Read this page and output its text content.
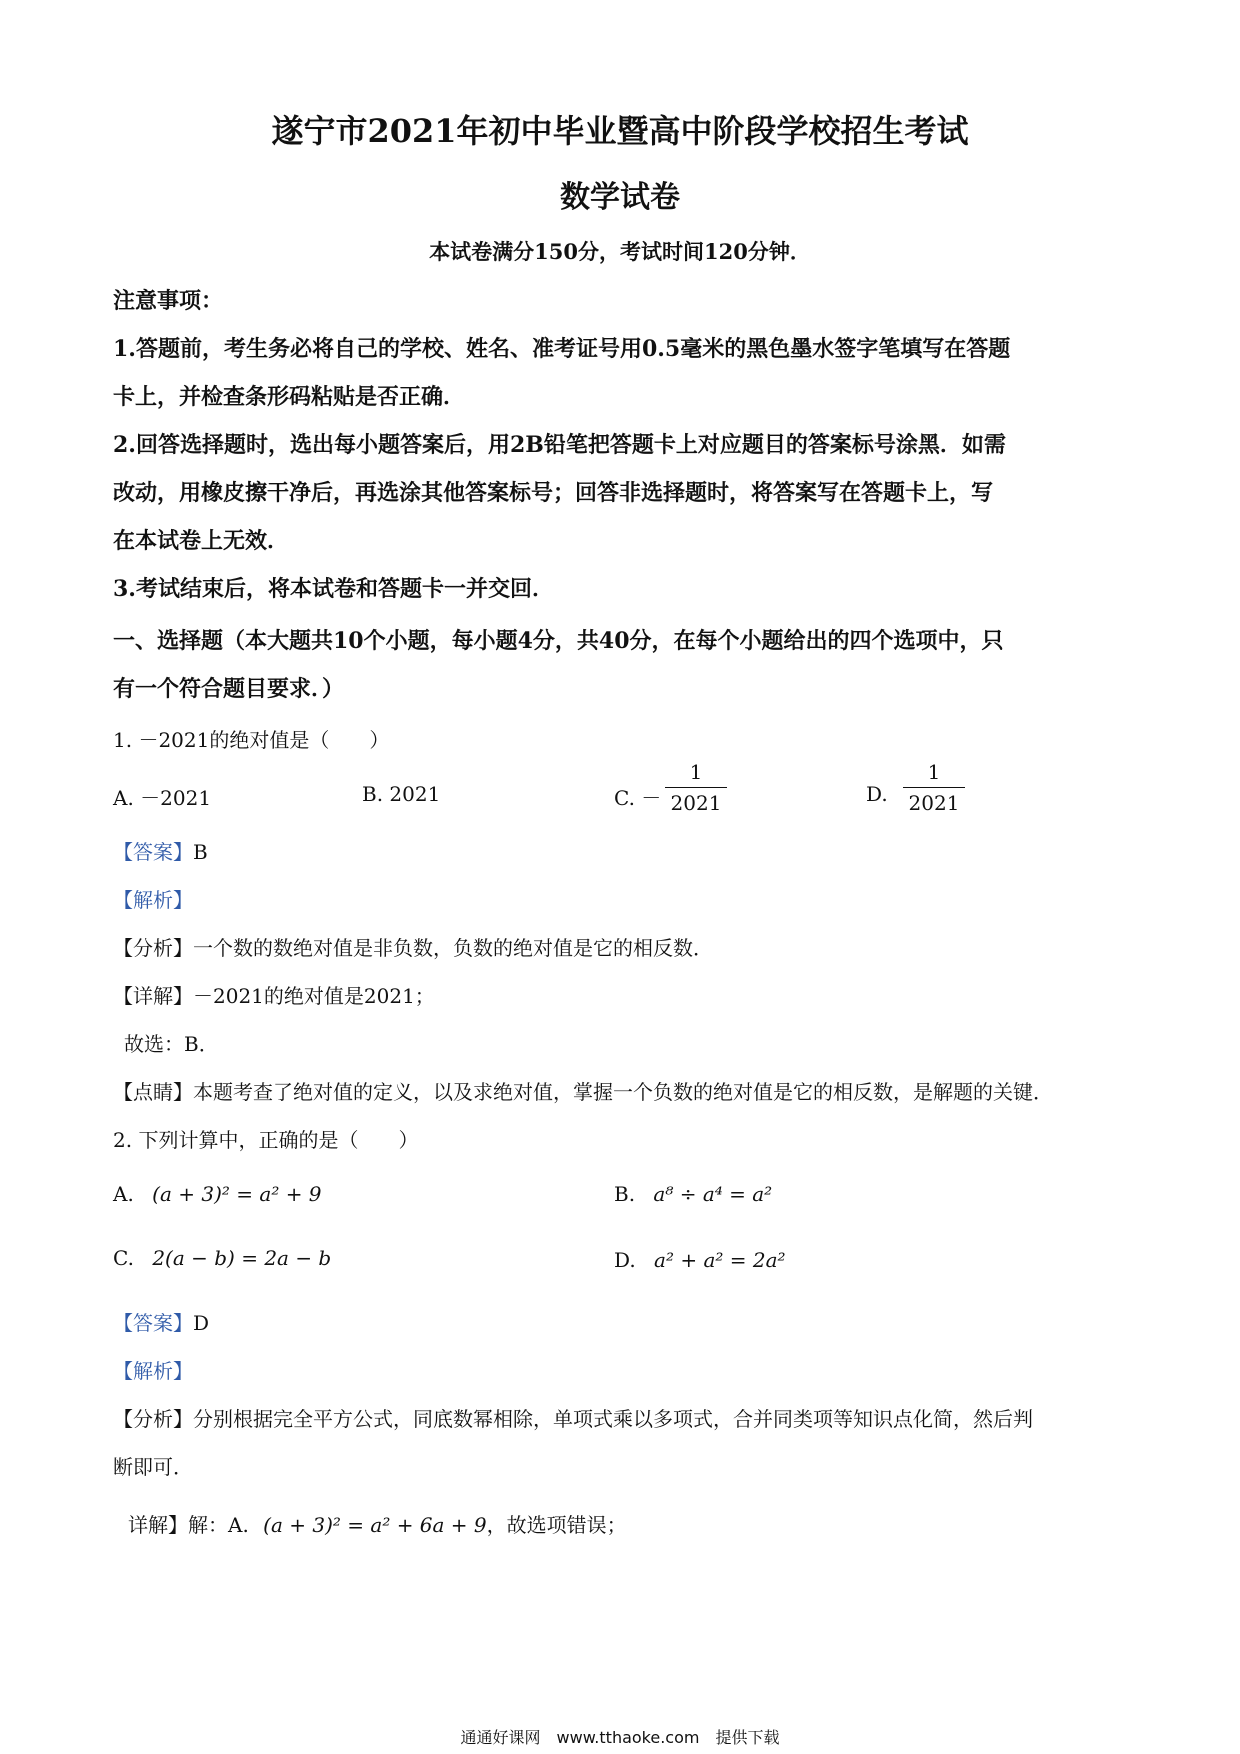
遂宁市2021年初中毕业暨高中阶段学校招生考试
数学试卷
本试卷满分150分，考试时间120分钟．
注意事项：
1.答题前，考生务必将自己的学校、姓名、准考证号用0.5毫米的黑色墨水签字笔填写在答题
卡上，并检查条形码粘贴是否正确．
2.回答选择题时，选出每小题答案后，用2B铅笔把答题卡上对应题目的答案标号涂黑．如需
改动，用橡皮擦干净后，再选涂其他答案标号；回答非选择题时，将答案写在答题卡上，写
在本试卷上无效．
3.考试结束后，将本试卷和答题卡一并交回．
一、选择题（本大题共10个小题，每小题4分，共40分，在每个小题给出的四个选项中，只
有一个符合题目要求．）
1. －2021的绝对值是（　　）
A. －2021	B. 2021	C. －
1
2021	D.
1
2021
【答案】B
【解析】
【分析】一个数的数绝对值是非负数，负数的绝对值是它的相反数．
【详解】－2021的绝对值是2021；
故选：B．
【点睛】本题考查了绝对值的定义，以及求绝对值，掌握一个负数的绝对值是它的相反数，是解题的关键．
2. 下列计算中，正确的是（　　）
A. (a + 3)² = a² + 9	B. a⁸ ÷ a⁴ = a²
C. 2(a − b) = 2a − b	D. a² + a² = 2a²
【答案】D
【解析】
【分析】分别根据完全平方公式，同底数幂相除，单项式乘以多项式，合并同类项等知识点化简，然后判
断即可．
详解】解：A. (a + 3)² = a² + 6a + 9，故选项错误；
通通好课网　www.tthaoke.com　提供下载
